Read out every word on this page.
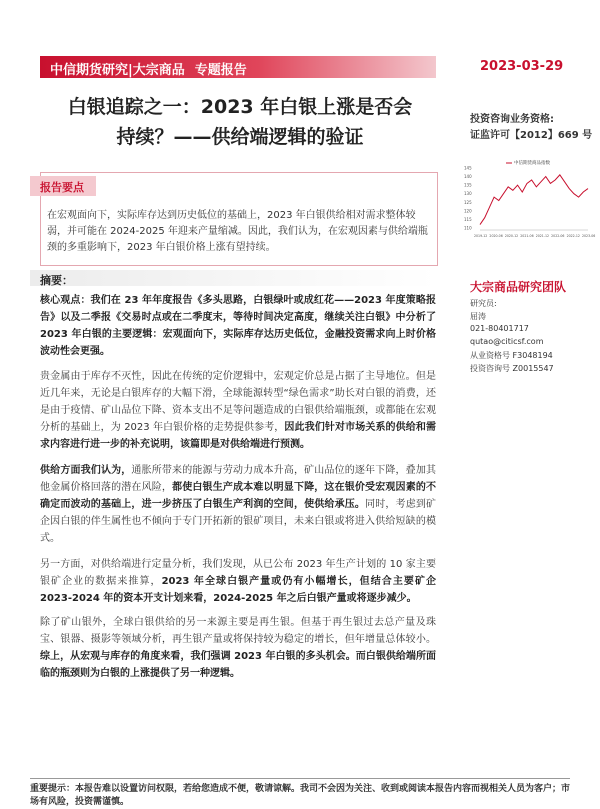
中信期货研究|大宗商品 专题报告	2023-03-29
白银追踪之一：2023 年白银上涨是否会
持续？——供给端逻辑的验证
投资咨询业务资格:
证监许可【2012】669 号
中信期货商品指数
145
140
135
130
125
120
115
110
2019-12 2020-06 2020-12 2021-06 2021-12 2022-06 2022-12 2023-06
报告要点
在宏观面向下，实际库存达到历史低位的基础上，2023 年白银供给相对需求整体较弱，并可能在 2024-2025 年迎来产量缩减。因此，我们认为，在宏观因素与供给端瓶颈的多重影响下，2023 年白银价格上涨有望持续。
摘要：
核心观点：我们在 23 年年度报告《多头思路，白银绿叶或成红花——2023 年度策略报告》以及二季报《交易时点或在二季度末，等待时间决定高度，继续关注白银》中分析了 2023 年白银的主要逻辑：宏观面向下，实际库存达历史低位，金融投资需求向上时价格波动性会更强。
贵金属由于库存不灭性，因此在传统的定价逻辑中，宏观定价总是占据了主导地位。但是近几年来，无论是白银库存的大幅下滑，全球能源转型“绿色需求”助长对白银的消费，还是由于疫情、矿山品位下降、资本支出不足等问题造成的白银供给端瓶颈，或都能在宏观分析的基础上，为 2023 年白银价格的走势提供参考，因此我们针对市场关系的供给和需求内容进行进一步的补充说明，该篇即是对供给端进行预测。
供给方面我们认为，通胀所带来的能源与劳动力成本升高，矿山品位的逐年下降，叠加其他金属价格回落的潜在风险，都使白银生产成本难以明显下降，这在银价受宏观因素的不确定而波动的基础上，进一步挤压了白银生产利润的空间，使供给承压。同时，考虑到矿企因白银的伴生属性也不倾向于专门开拓新的银矿项目，未来白银或将进入供给短缺的模式。
另一方面，对供给端进行定量分析，我们发现，从已公布 2023 年生产计划的 10 家主要银矿企业的数据来推算，2023 年全球白银产量或仍有小幅增长，但结合主要矿企 2023-2024 年的资本开支计划来看，2024-2025 年之后白银产量或将逐步减少。
除了矿山银外，全球白银供给的另一来源主要是再生银。但基于再生银过去总产量及珠宝、银器、摄影等领域分析，再生银产量或将保持较为稳定的增长，但年增量总体较小。综上，从宏观与库存的角度来看，我们强调 2023 年白银的多头机会。而白银供给端所面临的瓶颈则为白银的上涨提供了另一种逻辑。
大宗商品研究团队
研究员:
屈涛
021-80401717
qutao@citicsf.com
从业资格号 F3048194
投资咨询号 Z0015547
重要提示：本报告难以设置访问权限，若给您造成不便，敬请谅解。我司不会因为关注、收到或阅读本报告内容而视相关人员为客户；市场有风险，投资需谨慎。
